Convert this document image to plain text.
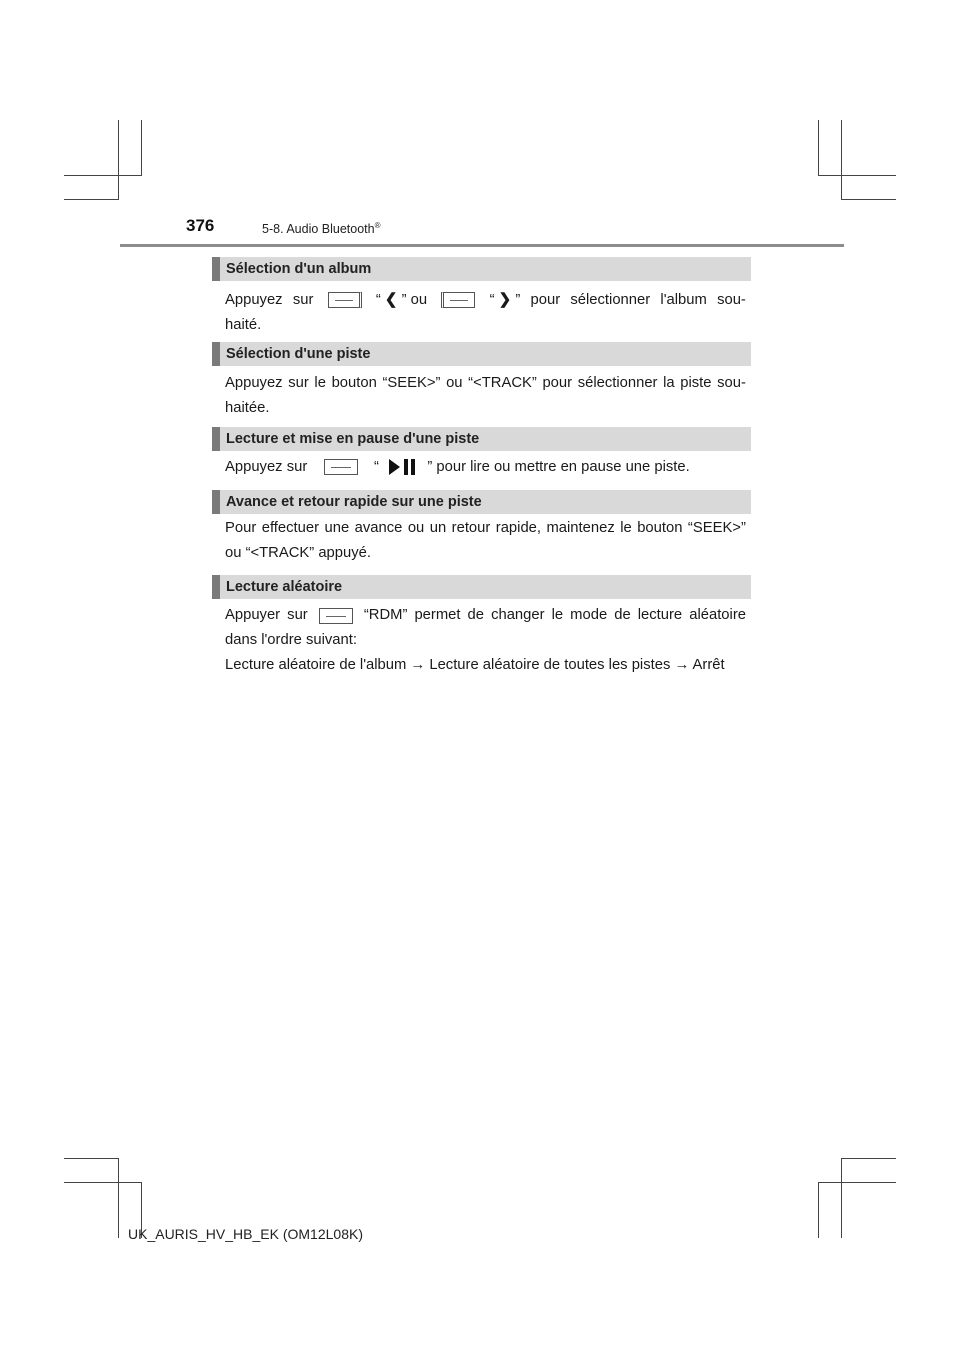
376	5-8. Audio Bluetooth®
Sélection d'un album
Appuyez sur	“ ❮ ” ou	“ ❯ ” pour sélectionner l'album sou-
haité.
Sélection d'une piste
Appuyez sur le bouton “SEEK>” ou “<TRACK” pour sélectionner la piste sou-
haitée.
Lecture et mise en pause d'une piste
Appuyez sur	“	” pour lire ou mettre en pause une piste.
Avance et retour rapide sur une piste
Pour effectuer une avance ou un retour rapide, maintenez le bouton “SEEK>”
ou “<TRACK” appuyé.
Lecture aléatoire
Appuyer sur	“RDM” permet de changer le mode de lecture aléatoire
dans l'ordre suivant:
Lecture aléatoire de l'album → Lecture aléatoire de toutes les pistes → Arrêt
UK_AURIS_HV_HB_EK (OM12L08K)
